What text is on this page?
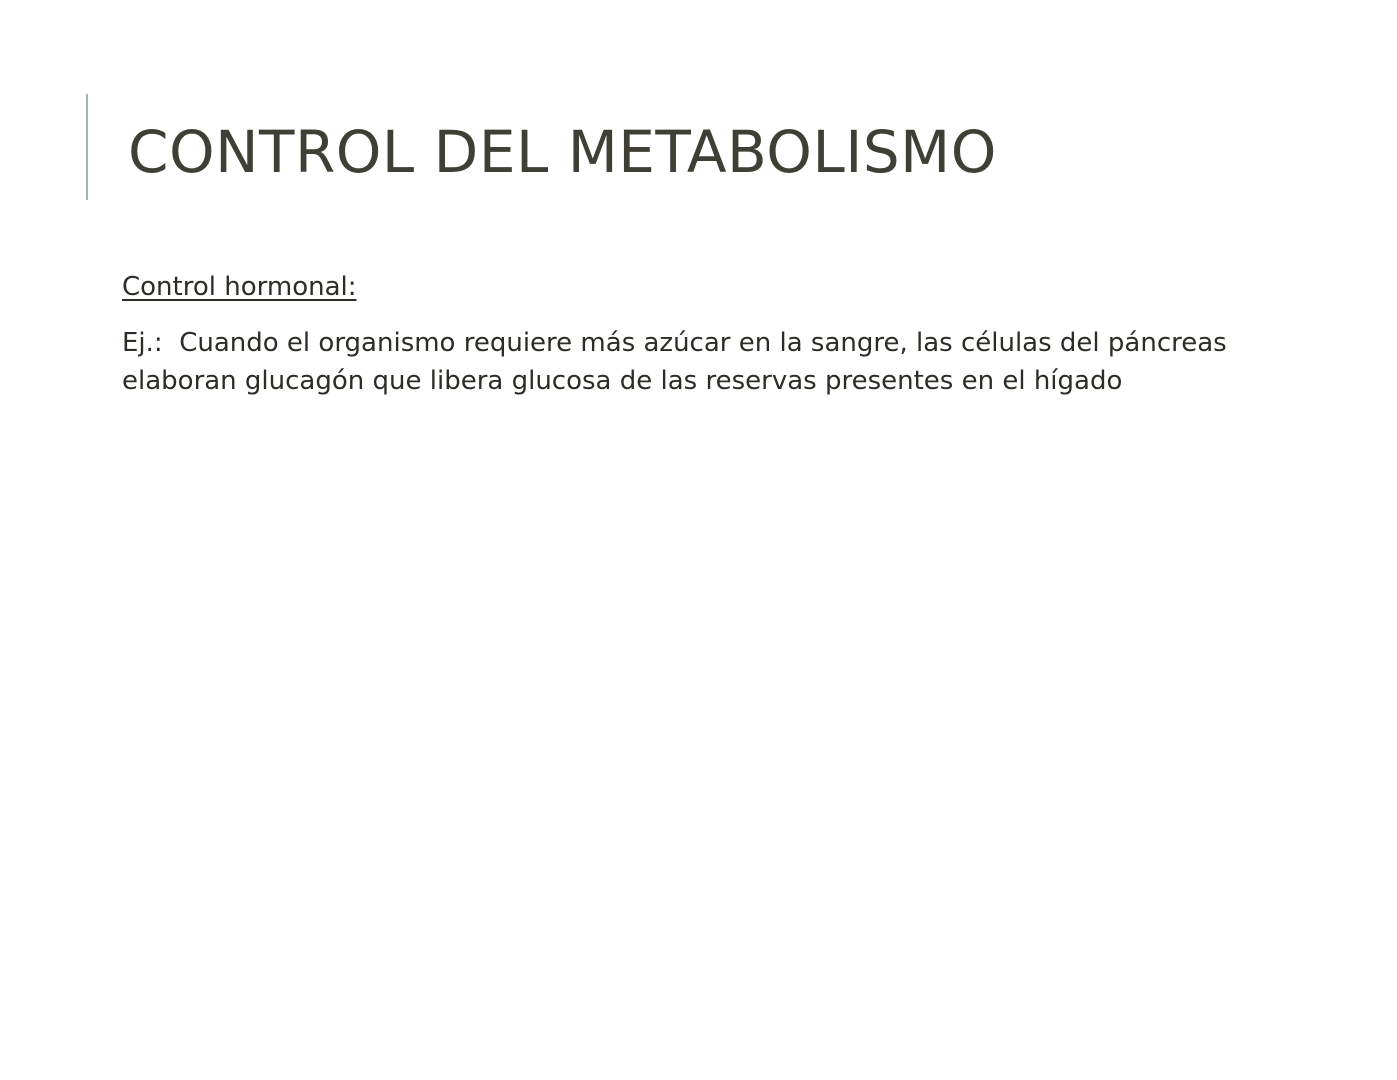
CONTROL DEL METABOLISMO

Control hormonal:

Ej.:  Cuando el organismo requiere más azúcar en la sangre, las células del páncreas elaboran glucagón que libera glucosa de las reservas presentes en el hígado
